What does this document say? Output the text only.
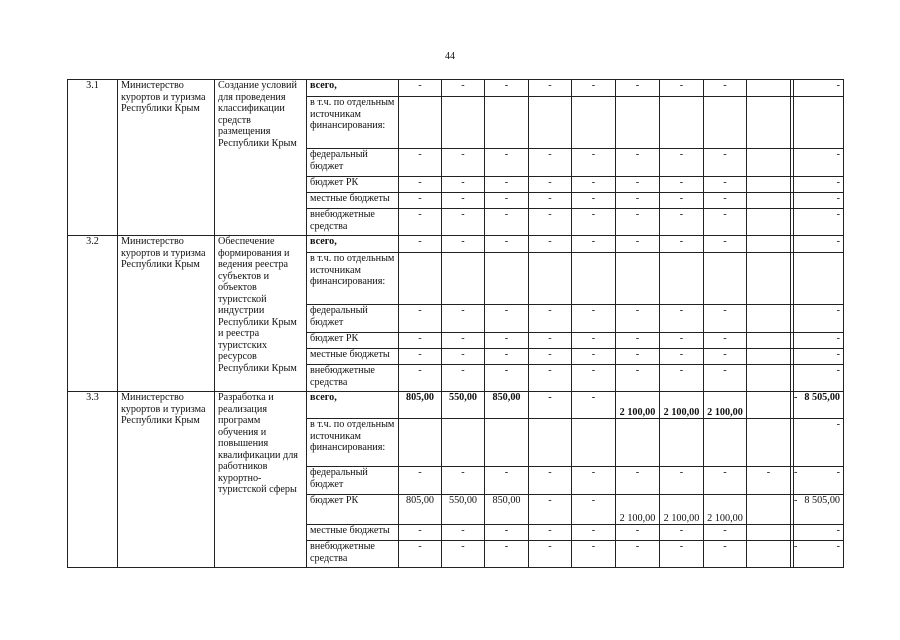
44
3.1	Министерство курортов и туризма Республики Крым	Создание условий для проведения классификации средств размещения Республики Крым	всего,	-	-	-	-	-	-	-	-			-
			в т.ч. по отдельным источникам финансирования:											
			федеральный бюджет	-	-	-	-	-	-	-	-			-
			бюджет РК	-	-	-	-	-	-	-	-			-
			местные бюджеты	-	-	-	-	-	-	-	-			-
			внебюджетные средства	-	-	-	-	-	-	-	-			-
3.2	Министерство курортов и туризма Республики Крым	Обеспечение формирования и ведения реестра субъектов и объектов туристской индустрии Республики Крым и реестра туристских ресурсов Республики Крым	всего,	-	-	-	-	-	-	-	-			-
			в т.ч. по отдельным источникам финансирования:											
			федеральный бюджет	-	-	-	-	-	-	-	-			-
			бюджет РК	-	-	-	-	-	-	-	-			-
			местные бюджеты	-	-	-	-	-	-	-	-			-
			внебюджетные средства	-	-	-	-	-	-	-	-			-
3.3	Министерство курортов и туризма Республики Крым	Разработка и реализация программ обучения и повышения квалификации для работников курортно-туристской сферы	всего,	805,00	550,00	850,00	-	-	2 100,00	2 100,00	2 100,00		-	8 505,00
			в т.ч. по отдельным источникам финансирования:											-
			федеральный бюджет	-	-	-	-	-	-	-	-	-	-	-
			бюджет РК	805,00	550,00	850,00	-	-	2 100,00	2 100,00	2 100,00		-	8 505,00
			местные бюджеты	-	-	-	-	-	-	-	-			-
			внебюджетные средства	-	-	-	-	-	-	-	-		-	-
